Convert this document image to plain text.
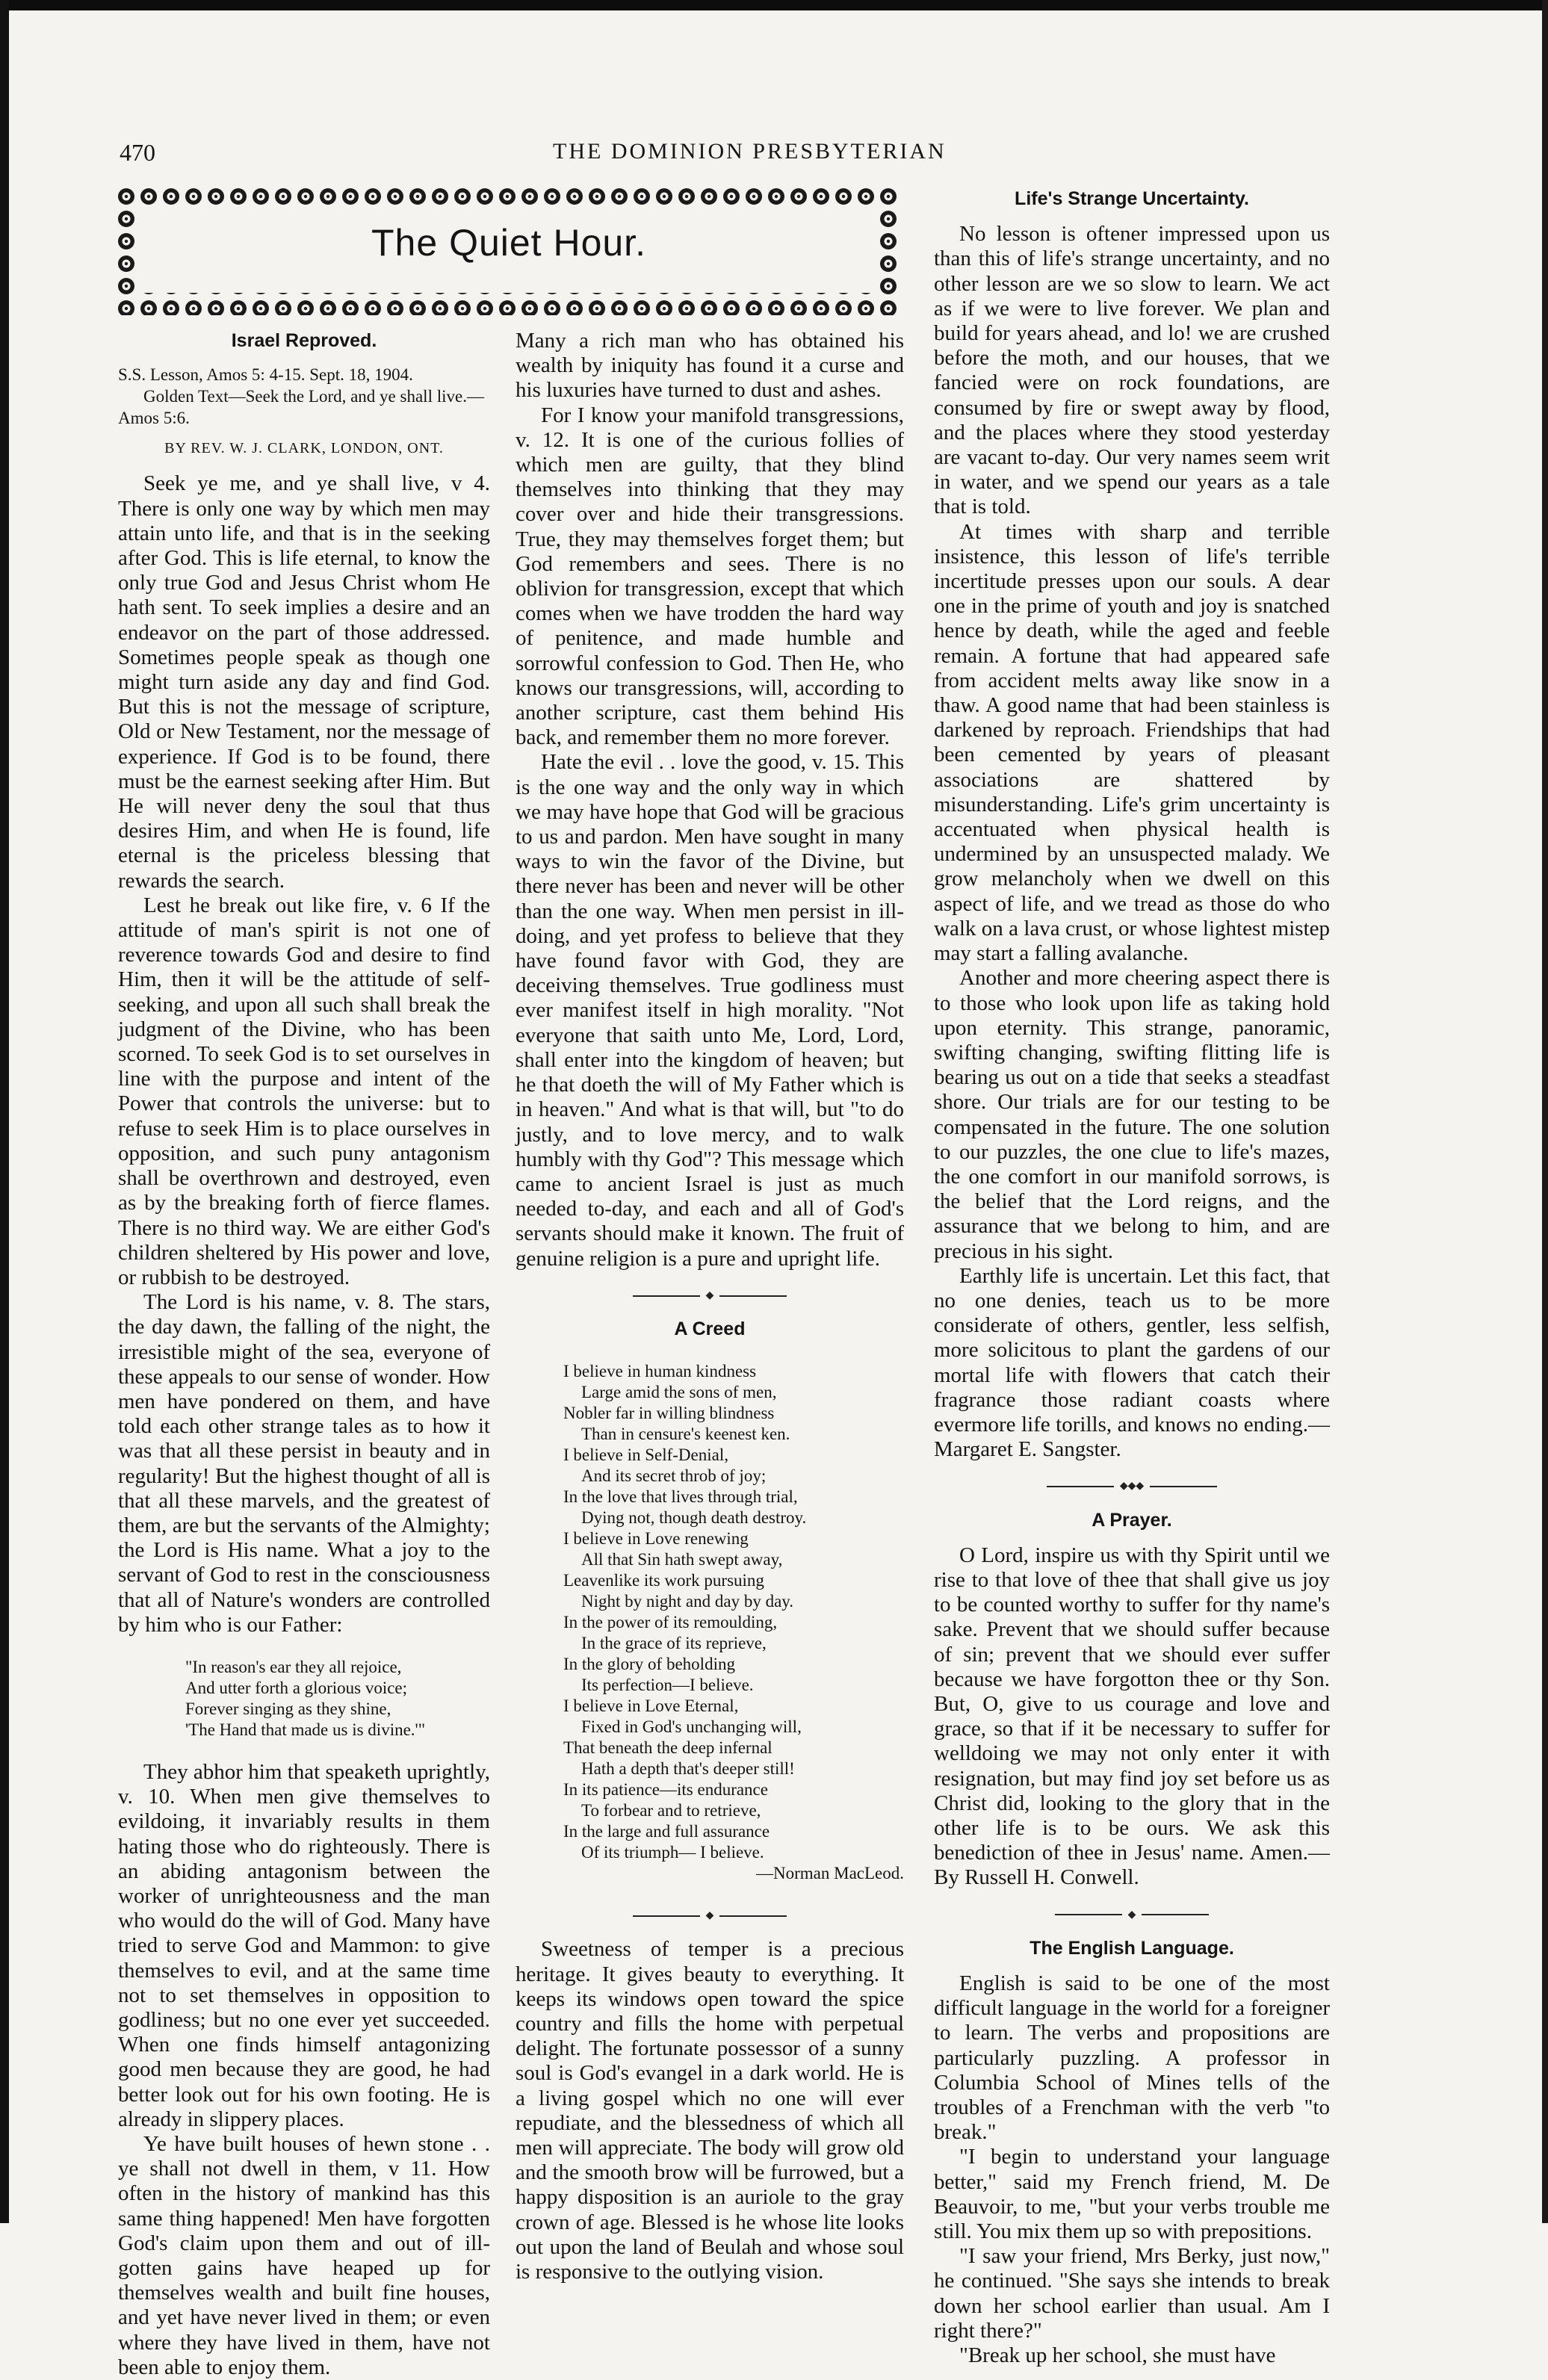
470	THE DOMINION PRESBYTERIAN
The Quiet Hour.
Israel Reproved.

S.S. Lesson, Amos 5: 4-15. Sept. 18, 1904.

Golden Text—Seek the Lord, and ye shall live.—Amos 5:6.

BY REV. W. J. CLARK, LONDON, ONT.

Seek ye me, and ye shall live, v 4. There is only one way by which men may attain unto life, and that is in the seeking after God. This is life eternal, to know the only true God and Jesus Christ whom He hath sent. To seek implies a desire and an endeavor on the part of those addressed. Sometimes people speak as though one might turn aside any day and find God. But this is not the message of scripture, Old or New Testament, nor the message of experience. If God is to be found, there must be the earnest seeking after Him. But He will never deny the soul that thus desires Him, and when He is found, life eternal is the priceless blessing that rewards the search.

Lest he break out like fire, v. 6 If the attitude of man's spirit is not one of reverence towards God and desire to find Him, then it will be the attitude of self-seeking, and upon all such shall break the judgment of the Divine, who has been scorned. To seek God is to set ourselves in line with the purpose and intent of the Power that controls the universe: but to refuse to seek Him is to place ourselves in opposition, and such puny antagonism shall be overthrown and destroyed, even as by the breaking forth of fierce flames. There is no third way. We are either God's children sheltered by His power and love, or rubbish to be destroyed.

The Lord is his name, v. 8. The stars, the day dawn, the falling of the night, the irresistible might of the sea, everyone of these appeals to our sense of wonder. How men have pondered on them, and have told each other strange tales as to how it was that all these persist in beauty and in regularity! But the highest thought of all is that all these marvels, and the greatest of them, are but the servants of the Almighty; the Lord is His name. What a joy to the servant of God to rest in the consciousness that all of Nature's wonders are controlled by him who is our Father:

"In reason's ear they all rejoice,
And utter forth a glorious voice;
Forever singing as they shine,
'The Hand that made us is divine.'"

They abhor him that speaketh uprightly, v. 10. When men give themselves to evildoing, it invariably results in them hating those who do righteously. There is an abiding antagonism between the worker of unrighteousness and the man who would do the will of God. Many have tried to serve God and Mammon: to give themselves to evil, and at the same time not to set themselves in opposition to godliness; but no one ever yet succeeded. When one finds himself antagonizing good men because they are good, he had better look out for his own footing. He is already in slippery places.

Ye have built houses of hewn stone . . ye shall not dwell in them, v 11. How often in the history of mankind has this same thing happened! Men have forgotten God's claim upon them and out of ill-gotten gains have heaped up for themselves wealth and built fine houses, and yet have never lived in them; or even where they have lived in them, have not been able to enjoy them.

Many a rich man who has obtained his wealth by iniquity has found it a curse and his luxuries have turned to dust and ashes.

For I know your manifold transgressions, v. 12. It is one of the curious follies of which men are guilty, that they blind themselves into thinking that they may cover over and hide their transgressions. True, they may themselves forget them; but God remembers and sees. There is no oblivion for transgression, except that which comes when we have trodden the hard way of penitence, and made humble and sorrowful confession to God. Then He, who knows our transgressions, will, according to another scripture, cast them behind His back, and remember them no more forever.

Hate the evil . . love the good, v. 15. This is the one way and the only way in which we may have hope that God will be gracious to us and pardon. Men have sought in many ways to win the favor of the Divine, but there never has been and never will be other than the one way. When men persist in ill-doing, and yet profess to believe that they have found favor with God, they are deceiving themselves. True godliness must ever manifest itself in high morality. "Not everyone that saith unto Me, Lord, Lord, shall enter into the kingdom of heaven; but he that doeth the will of My Father which is in heaven." And what is that will, but "to do justly, and to love mercy, and to walk humbly with thy God"? This message which came to ancient Israel is just as much needed to-day, and each and all of God's servants should make it known. The fruit of genuine religion is a pure and upright life.

◆
A Creed
I believe in human kindness
Large amid the sons of men,
Nobler far in willing blindness
Than in censure's keenest ken.
I believe in Self-Denial,
And its secret throb of joy;
In the love that lives through trial,
Dying not, though death destroy.
I believe in Love renewing
All that Sin hath swept away,
Leavenlike its work pursuing
Night by night and day by day.
In the power of its remoulding,
In the grace of its reprieve,
In the glory of beholding
Its perfection—I believe.
I believe in Love Eternal,
Fixed in God's unchanging will,
That beneath the deep infernal
Hath a depth that's deeper still!
In its patience—its endurance
To forbear and to retrieve,
In the large and full assurance
Of its triumph— I believe.
—Norman MacLeod.
◆

Sweetness of temper is a precious heritage. It gives beauty to everything. It keeps its windows open toward the spice country and fills the home with perpetual delight. The fortunate possessor of a sunny soul is God's evangel in a dark world. He is a living gospel which no one will ever repudiate, and the blessedness of which all men will appreciate. The body will grow old and the smooth brow will be furrowed, but a happy disposition is an auriole to the gray crown of age. Blessed is he whose lite looks out upon the land of Beulah and whose soul is responsive to the outlying vision.

Life's Strange Uncertainty.

No lesson is oftener impressed upon us than this of life's strange uncertainty, and no other lesson are we so slow to learn. We act as if we were to live forever. We plan and build for years ahead, and lo! we are crushed before the moth, and our houses, that we fancied were on rock foundations, are consumed by fire or swept away by flood, and the places where they stood yesterday are vacant to-day. Our very names seem writ in water, and we spend our years as a tale that is told.

At times with sharp and terrible insistence, this lesson of life's terrible incertitude presses upon our souls. A dear one in the prime of youth and joy is snatched hence by death, while the aged and feeble remain. A fortune that had appeared safe from accident melts away like snow in a thaw. A good name that had been stainless is darkened by reproach. Friendships that had been cemented by years of pleasant associations are shattered by misunderstanding. Life's grim uncertainty is accentuated when physical health is undermined by an unsuspected malady. We grow melancholy when we dwell on this aspect of life, and we tread as those do who walk on a lava crust, or whose lightest mistep may start a falling avalanche.

Another and more cheering aspect there is to those who look upon life as taking hold upon eternity. This strange, panoramic, swifting changing, swifting flitting life is bearing us out on a tide that seeks a steadfast shore. Our trials are for our testing to be compensated in the future. The one solution to our puzzles, the one clue to life's mazes, the one comfort in our manifold sorrows, is the belief that the Lord reigns, and the assurance that we belong to him, and are precious in his sight.

Earthly life is uncertain. Let this fact, that no one denies, teach us to be more considerate of others, gentler, less selfish, more solicitous to plant the gardens of our mortal life with flowers that catch their fragrance those radiant coasts where evermore life torills, and knows no ending.—Margaret E. Sangster.

◆◆◆
A Prayer.

O Lord, inspire us with thy Spirit until we rise to that love of thee that shall give us joy to be counted worthy to suffer for thy name's sake. Prevent that we should suffer because of sin; prevent that we should ever suffer because we have forgotton thee or thy Son. But, O, give to us courage and love and grace, so that if it be necessary to suffer for welldoing we may not only enter it with resignation, but may find joy set before us as Christ did, looking to the glory that in the other life is to be ours. We ask this benediction of thee in Jesus' name. Amen.—By Russell H. Conwell.

◆
The English Language.

English is said to be one of the most difficult language in the world for a foreigner to learn. The verbs and propositions are particularly puzzling. A professor in Columbia School of Mines tells of the troubles of a Frenchman with the verb "to break."

"I begin to understand your language better," said my French friend, M. De Beauvoir, to me, "but your verbs trouble me still. You mix them up so with prepositions.

"I saw your friend, Mrs Berky, just now," he continued. "She says she intends to break down her school earlier than usual. Am I right there?"

"Break up her school, she must have
